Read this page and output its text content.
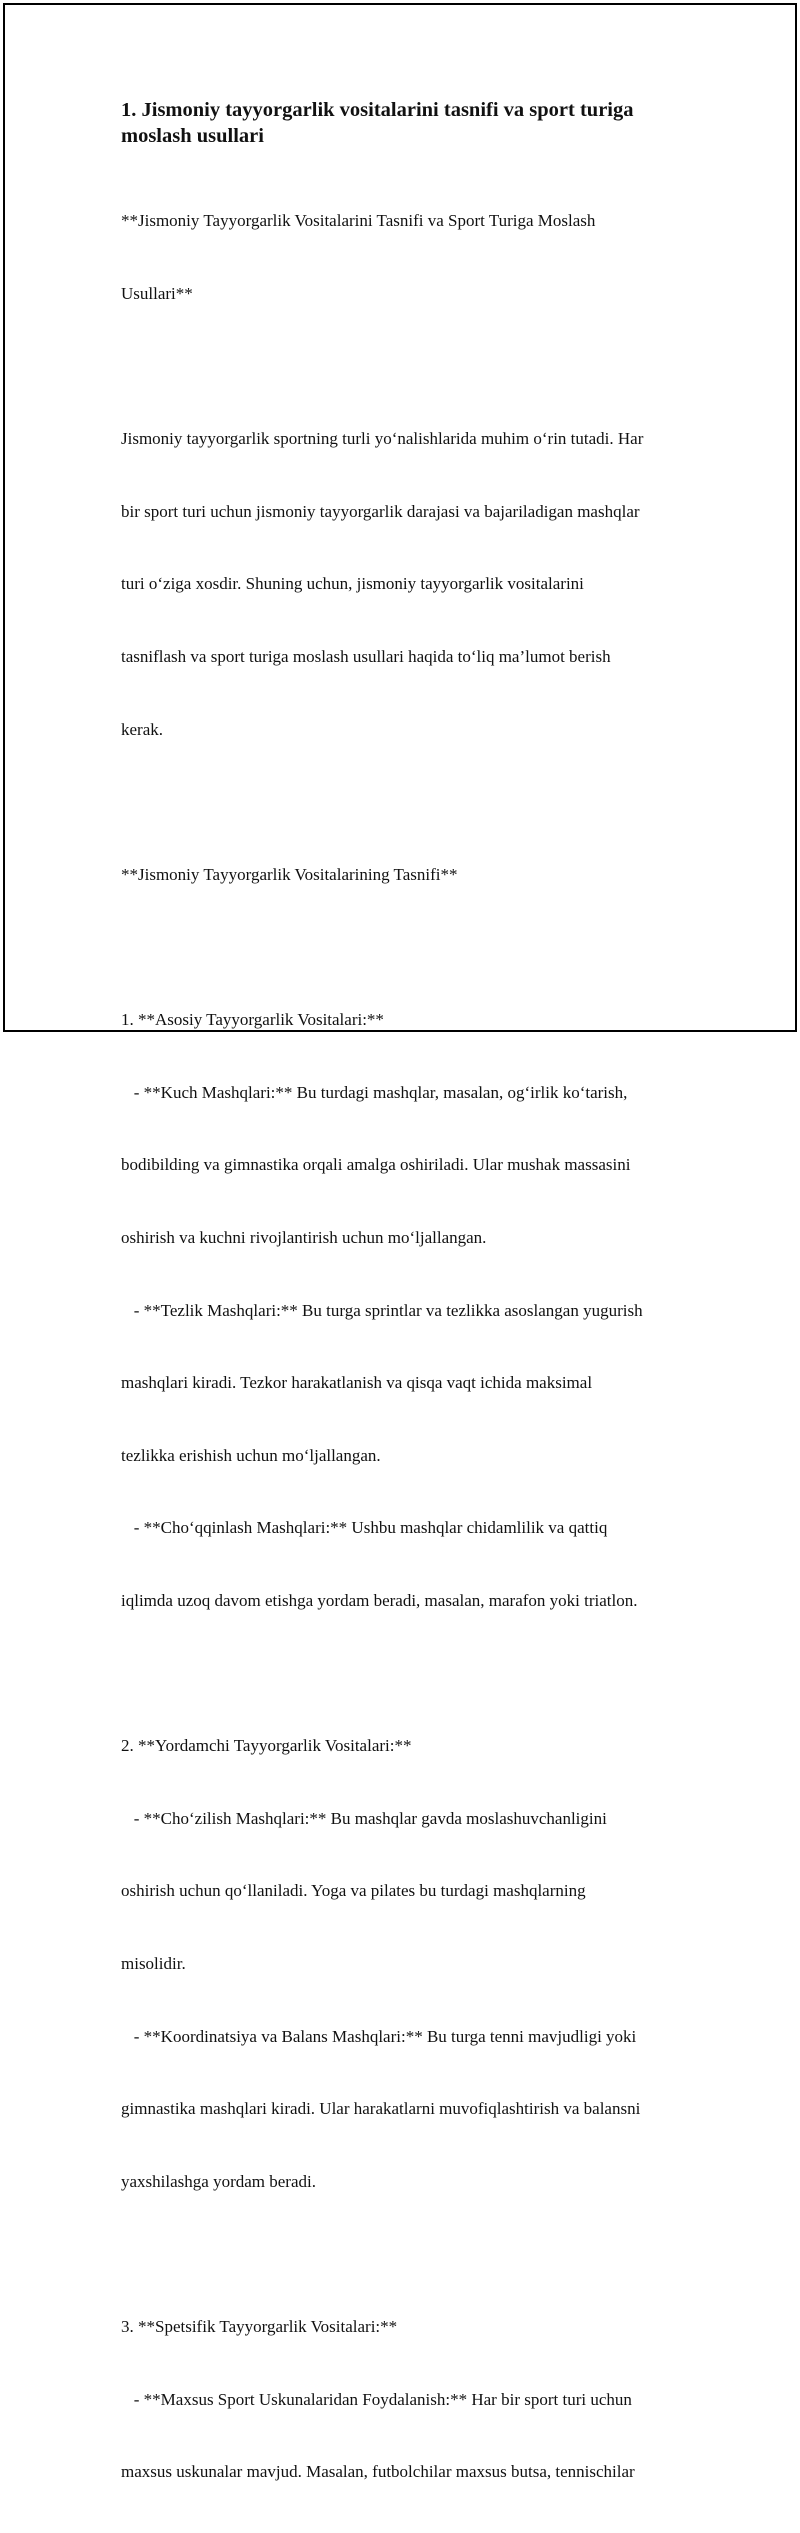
1. Jismoniy tayyorgarlik vositalarini tasnifi va sport turiga moslash usullari

**Jismoniy Tayyorgarlik Vositalarini Tasnifi va Sport Turiga Moslash

Usullari**

Jismoniy tayyorgarlik sportning turli yo‘nalishlarida muhim o‘rin tutadi. Har

bir sport turi uchun jismoniy tayyorgarlik darajasi va bajariladigan mashqlar

turi o‘ziga xosdir. Shuning uchun, jismoniy tayyorgarlik vositalarini

tasniflash va sport turiga moslash usullari haqida to‘liq ma’lumot berish

kerak.

**Jismoniy Tayyorgarlik Vositalarining Tasnifi**

1. **Asosiy Tayyorgarlik Vositalari:**

- **Kuch Mashqlari:** Bu turdagi mashqlar, masalan, og‘irlik ko‘tarish,

bodibilding va gimnastika orqali amalga oshiriladi. Ular mushak massasini

oshirish va kuchni rivojlantirish uchun mo‘ljallangan.

- **Tezlik Mashqlari:** Bu turga sprintlar va tezlikka asoslangan yugurish

mashqlari kiradi. Tezkor harakatlanish va qisqa vaqt ichida maksimal

tezlikka erishish uchun mo‘ljallangan.

- **Cho‘qqinlash Mashqlari:** Ushbu mashqlar chidamlilik va qattiq

iqlimda uzoq davom etishga yordam beradi, masalan, marafon yoki triatlon.

2. **Yordamchi Tayyorgarlik Vositalari:**

- **Cho‘zilish Mashqlari:** Bu mashqlar gavda moslashuvchanligini

oshirish uchun qo‘llaniladi. Yoga va pilates bu turdagi mashqlarning

misolidir.

- **Koordinatsiya va Balans Mashqlari:** Bu turga tenni mavjudligi yoki

gimnastika mashqlari kiradi. Ular harakatlarni muvofiqlashtirish va balansni

yaxshilashga yordam beradi.

3. **Spetsifik Tayyorgarlik Vositalari:**

- **Maxsus Sport Uskunalaridan Foydalanish:** Har bir sport turi uchun

maxsus uskunalar mavjud. Masalan, futbolchilar maxsus butsa, tennischilar
